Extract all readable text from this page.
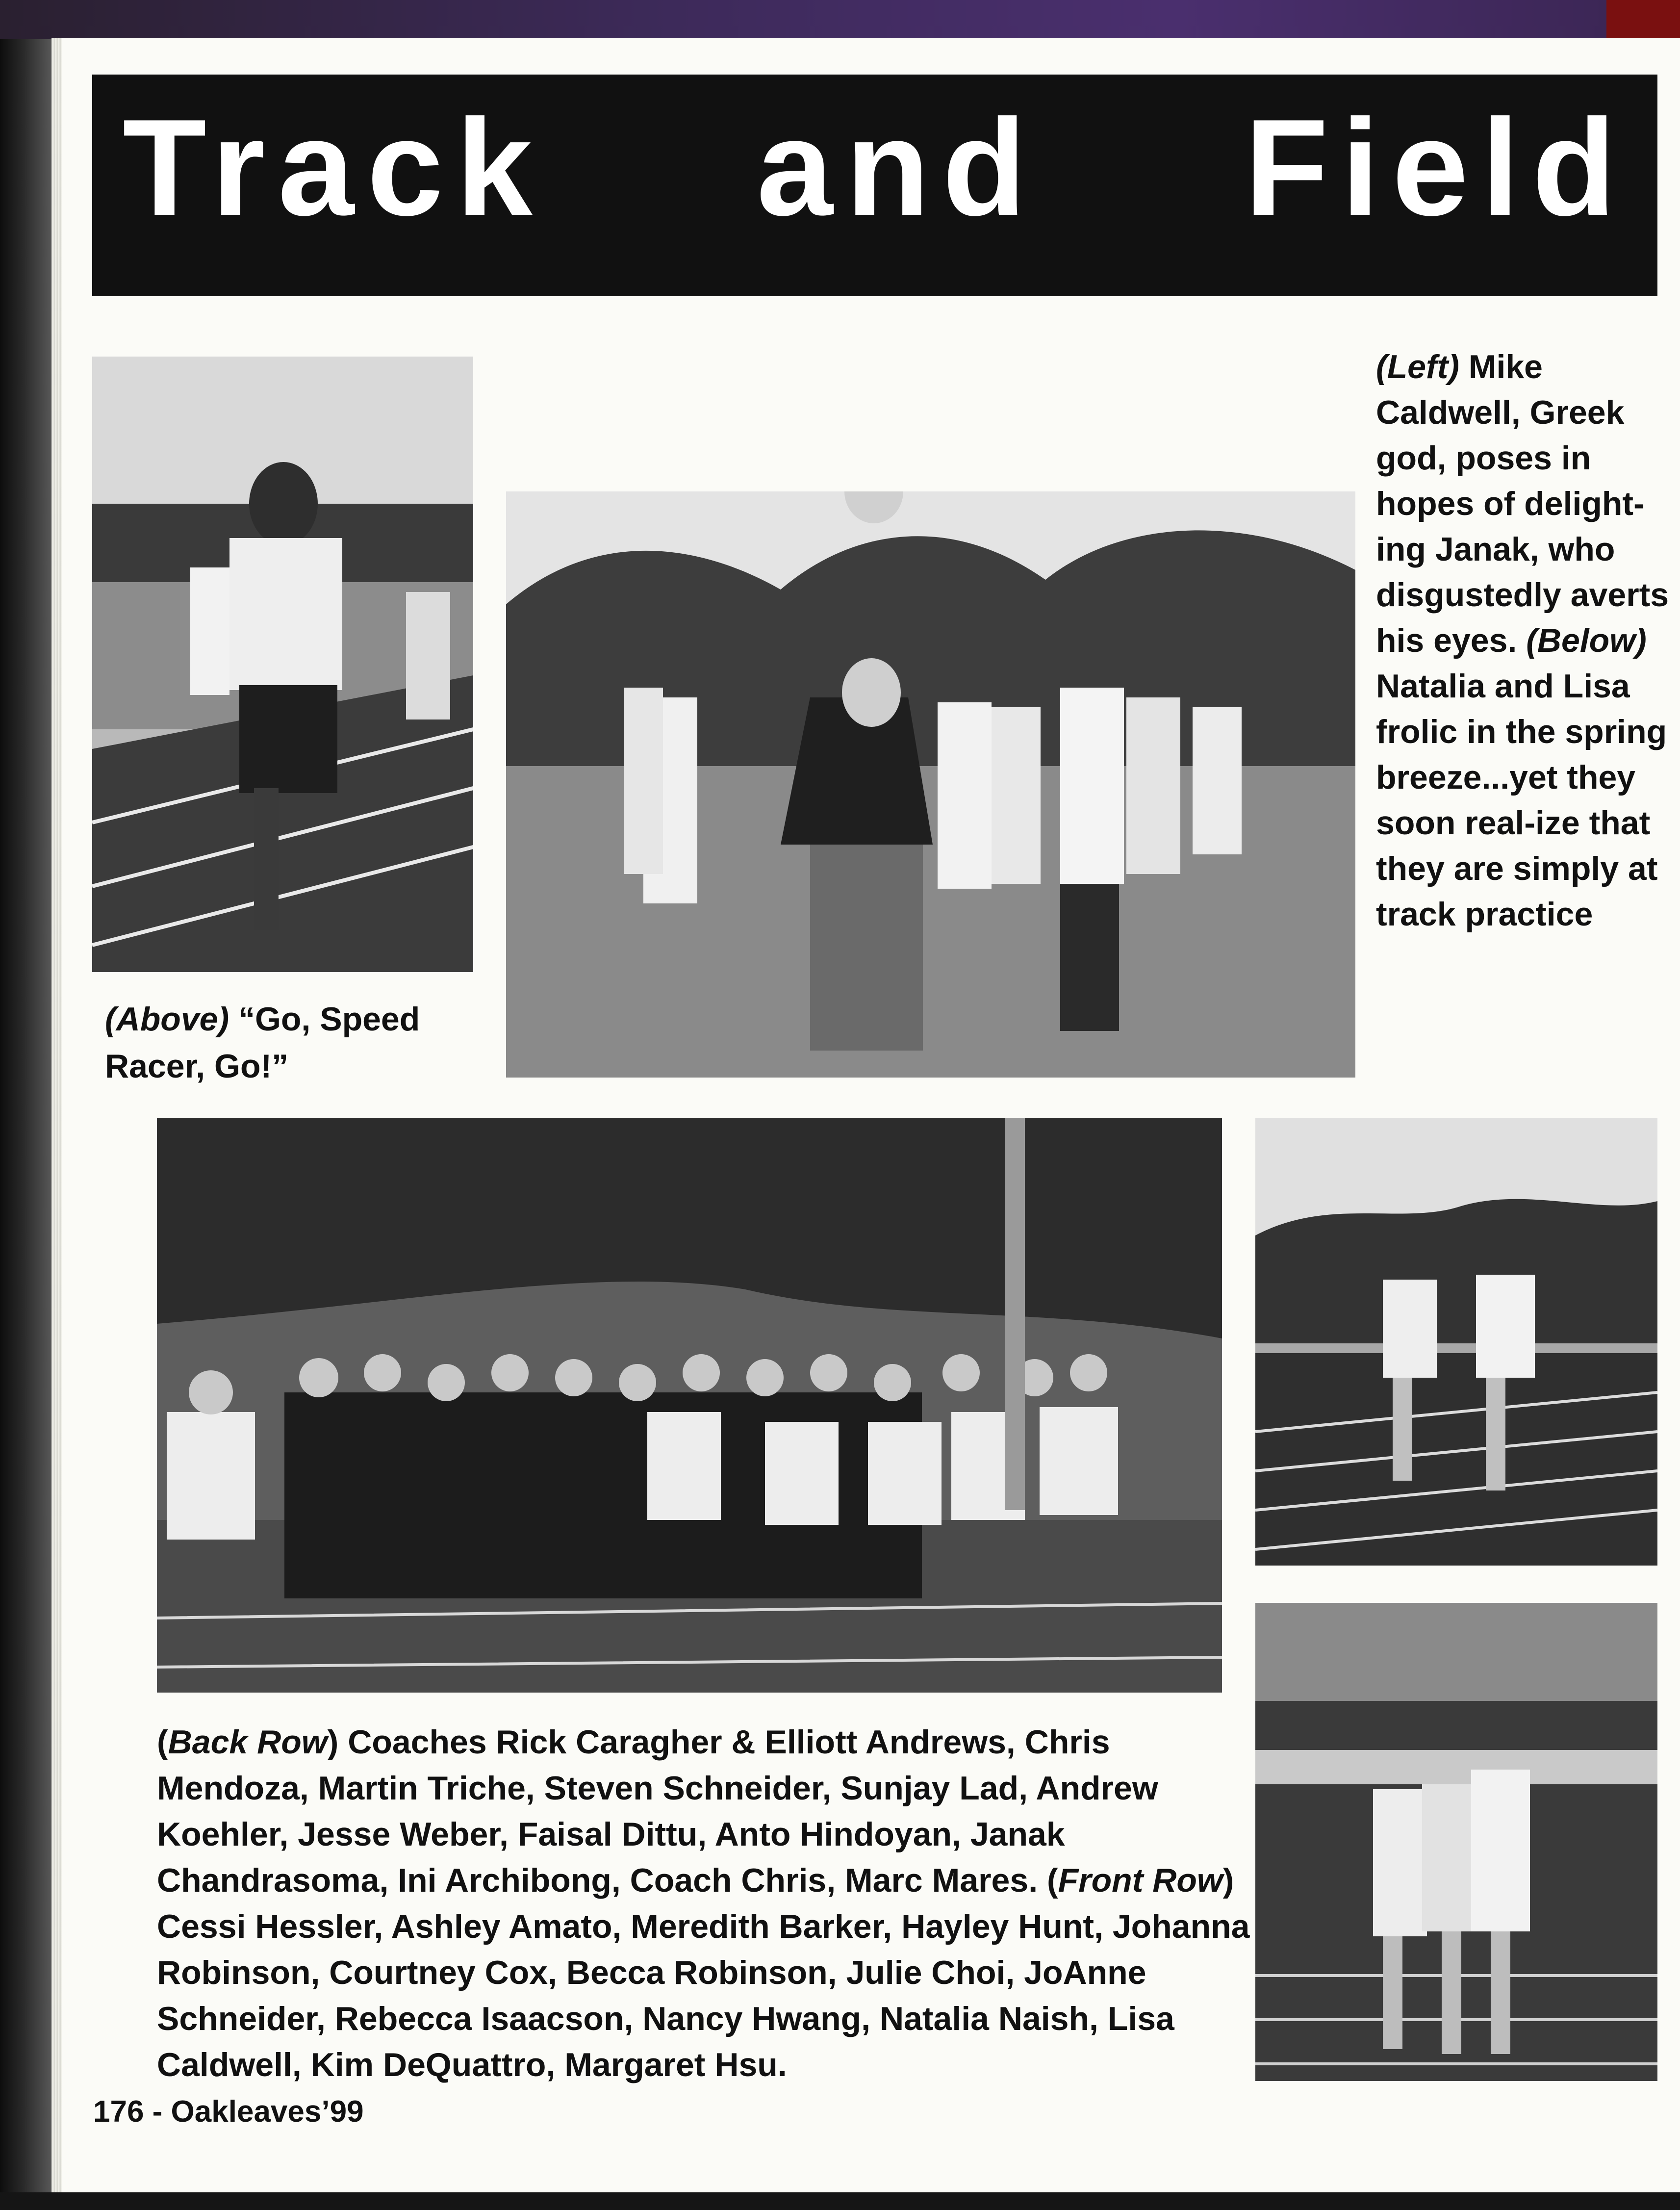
Track and Field
(Left) Mike Caldwell, Greek god, poses in hopes of delight-ing Janak, who disgustedly averts his eyes. (Below) Natalia and Lisa frolic in the spring breeze...yet they soon real-ize that they are simply at track practice
(Above) “Go, Speed Racer, Go!”
(Back Row) Coaches Rick Caragher & Elliott Andrews, Chris Mendoza, Martin Triche, Steven Schneider, Sunjay Lad, Andrew Koehler, Jesse Weber, Faisal Dittu, Anto Hindoyan, Janak Chandrasoma, Ini Archibong, Coach Chris, Marc Mares. (Front Row) Cessi Hessler, Ashley Amato, Meredith Barker, Hayley Hunt, Johanna Robinson, Courtney Cox, Becca Robinson, Julie Choi, JoAnne Schneider, Rebecca Isaacson, Nancy Hwang, Natalia Naish, Lisa Caldwell, Kim DeQuattro, Margaret Hsu.
176 - Oakleaves’99
